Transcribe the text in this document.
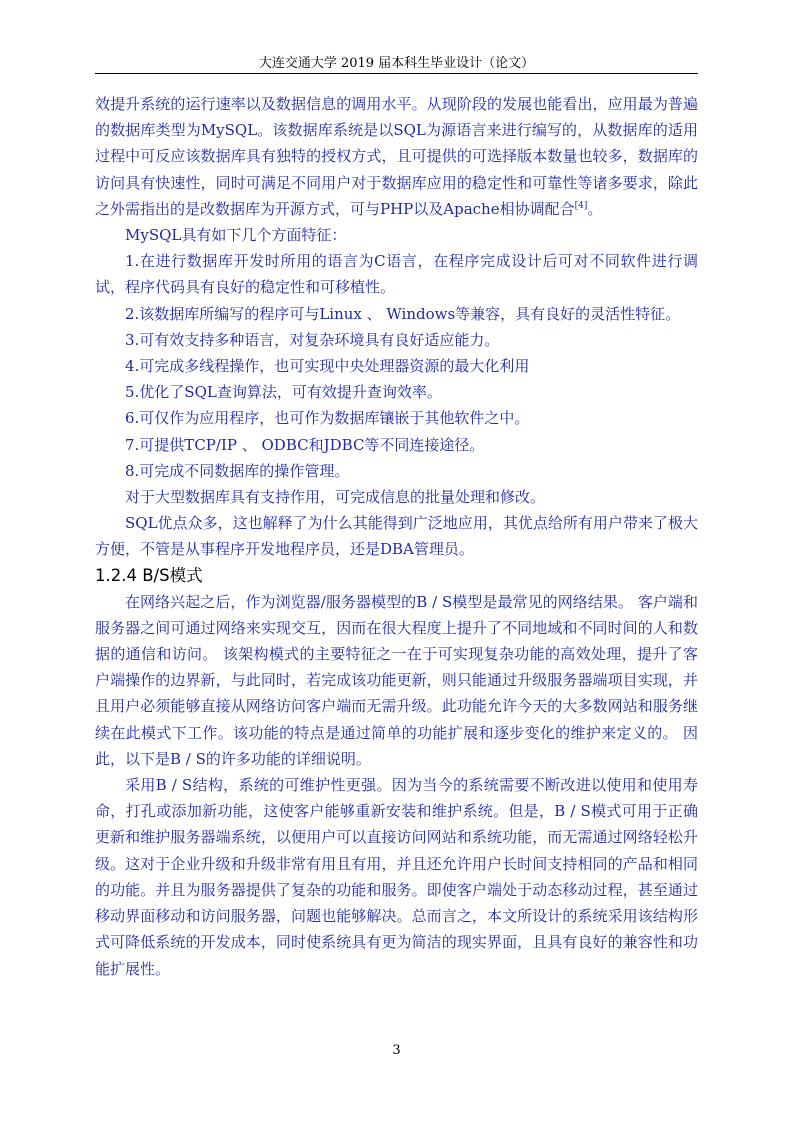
大连交通大学 2019 届本科生毕业设计（论文）

效提升系统的运行速率以及数据信息的调用水平。从现阶段的发展也能看出，应用最为普遍的数据库类型为MySQL。该数据库系统是以SQL为源语言来进行编写的，从数据库的适用过程中可反应该数据库具有独特的授权方式，且可提供的可选择版本数量也较多，数据库的访问具有快速性，同时可满足不同用户对于数据库应用的稳定性和可靠性等诸多要求，除此之外需指出的是改数据库为开源方式，可与PHP以及Apache相协调配合[4]。

MySQL具有如下几个方面特征：

1.在进行数据库开发时所用的语言为C语言，在程序完成设计后可对不同软件进行调试，程序代码具有良好的稳定性和可移植性。

2.该数据库所编写的程序可与Linux 、 Windows等兼容，具有良好的灵活性特征。

3.可有效支持多种语言，对复杂环境具有良好适应能力。

4.可完成多线程操作，也可实现中央处理器资源的最大化利用

5.优化了SQL查询算法，可有效提升查询效率。

6.可仅作为应用程序，也可作为数据库镶嵌于其他软件之中。

7.可提供TCP/IP 、 ODBC和JDBC等不同连接途径。

8.可完成不同数据库的操作管理。

对于大型数据库具有支持作用，可完成信息的批量处理和修改。

SQL优点众多，这也解释了为什么其能得到广泛地应用，其优点给所有用户带来了极大方便，不管是从事程序开发地程序员，还是DBA管理员。

1.2.4 B/S模式

在网络兴起之后，作为浏览器/服务器模型的B / S模型是最常见的网络结果。 客户端和服务器之间可通过网络来实现交互，因而在很大程度上提升了不同地域和不同时间的人和数据的通信和访问。 该架构模式的主要特征之一在于可实现复杂功能的高效处理，提升了客户端操作的边界新，与此同时，若完成该功能更新，则只能通过升级服务器端项目实现，并且用户必须能够直接从网络访问客户端而无需升级。此功能允许今天的大多数网站和服务继续在此模式下工作。该功能的特点是通过简单的功能扩展和逐步变化的维护来定义的。 因此，以下是B / S的许多功能的详细说明。

采用B / S结构，系统的可维护性更强。因为当今的系统需要不断改进以使用和使用寿命，打孔或添加新功能，这使客户能够重新安装和维护系统。但是，B / S模式可用于正确更新和维护服务器端系统，以便用户可以直接访问网站和系统功能，而无需通过网络轻松升级。这对于企业升级和升级非常有用且有用，并且还允许用户长时间支持相同的产品和相同的功能。并且为服务器提供了复杂的功能和服务。即使客户端处于动态移动过程，甚至通过移动界面移动和访问服务器，问题也能够解决。总而言之，本文所设计的系统采用该结构形式可降低系统的开发成本，同时使系统具有更为简洁的现实界面，且具有良好的兼容性和功能扩展性。

3
